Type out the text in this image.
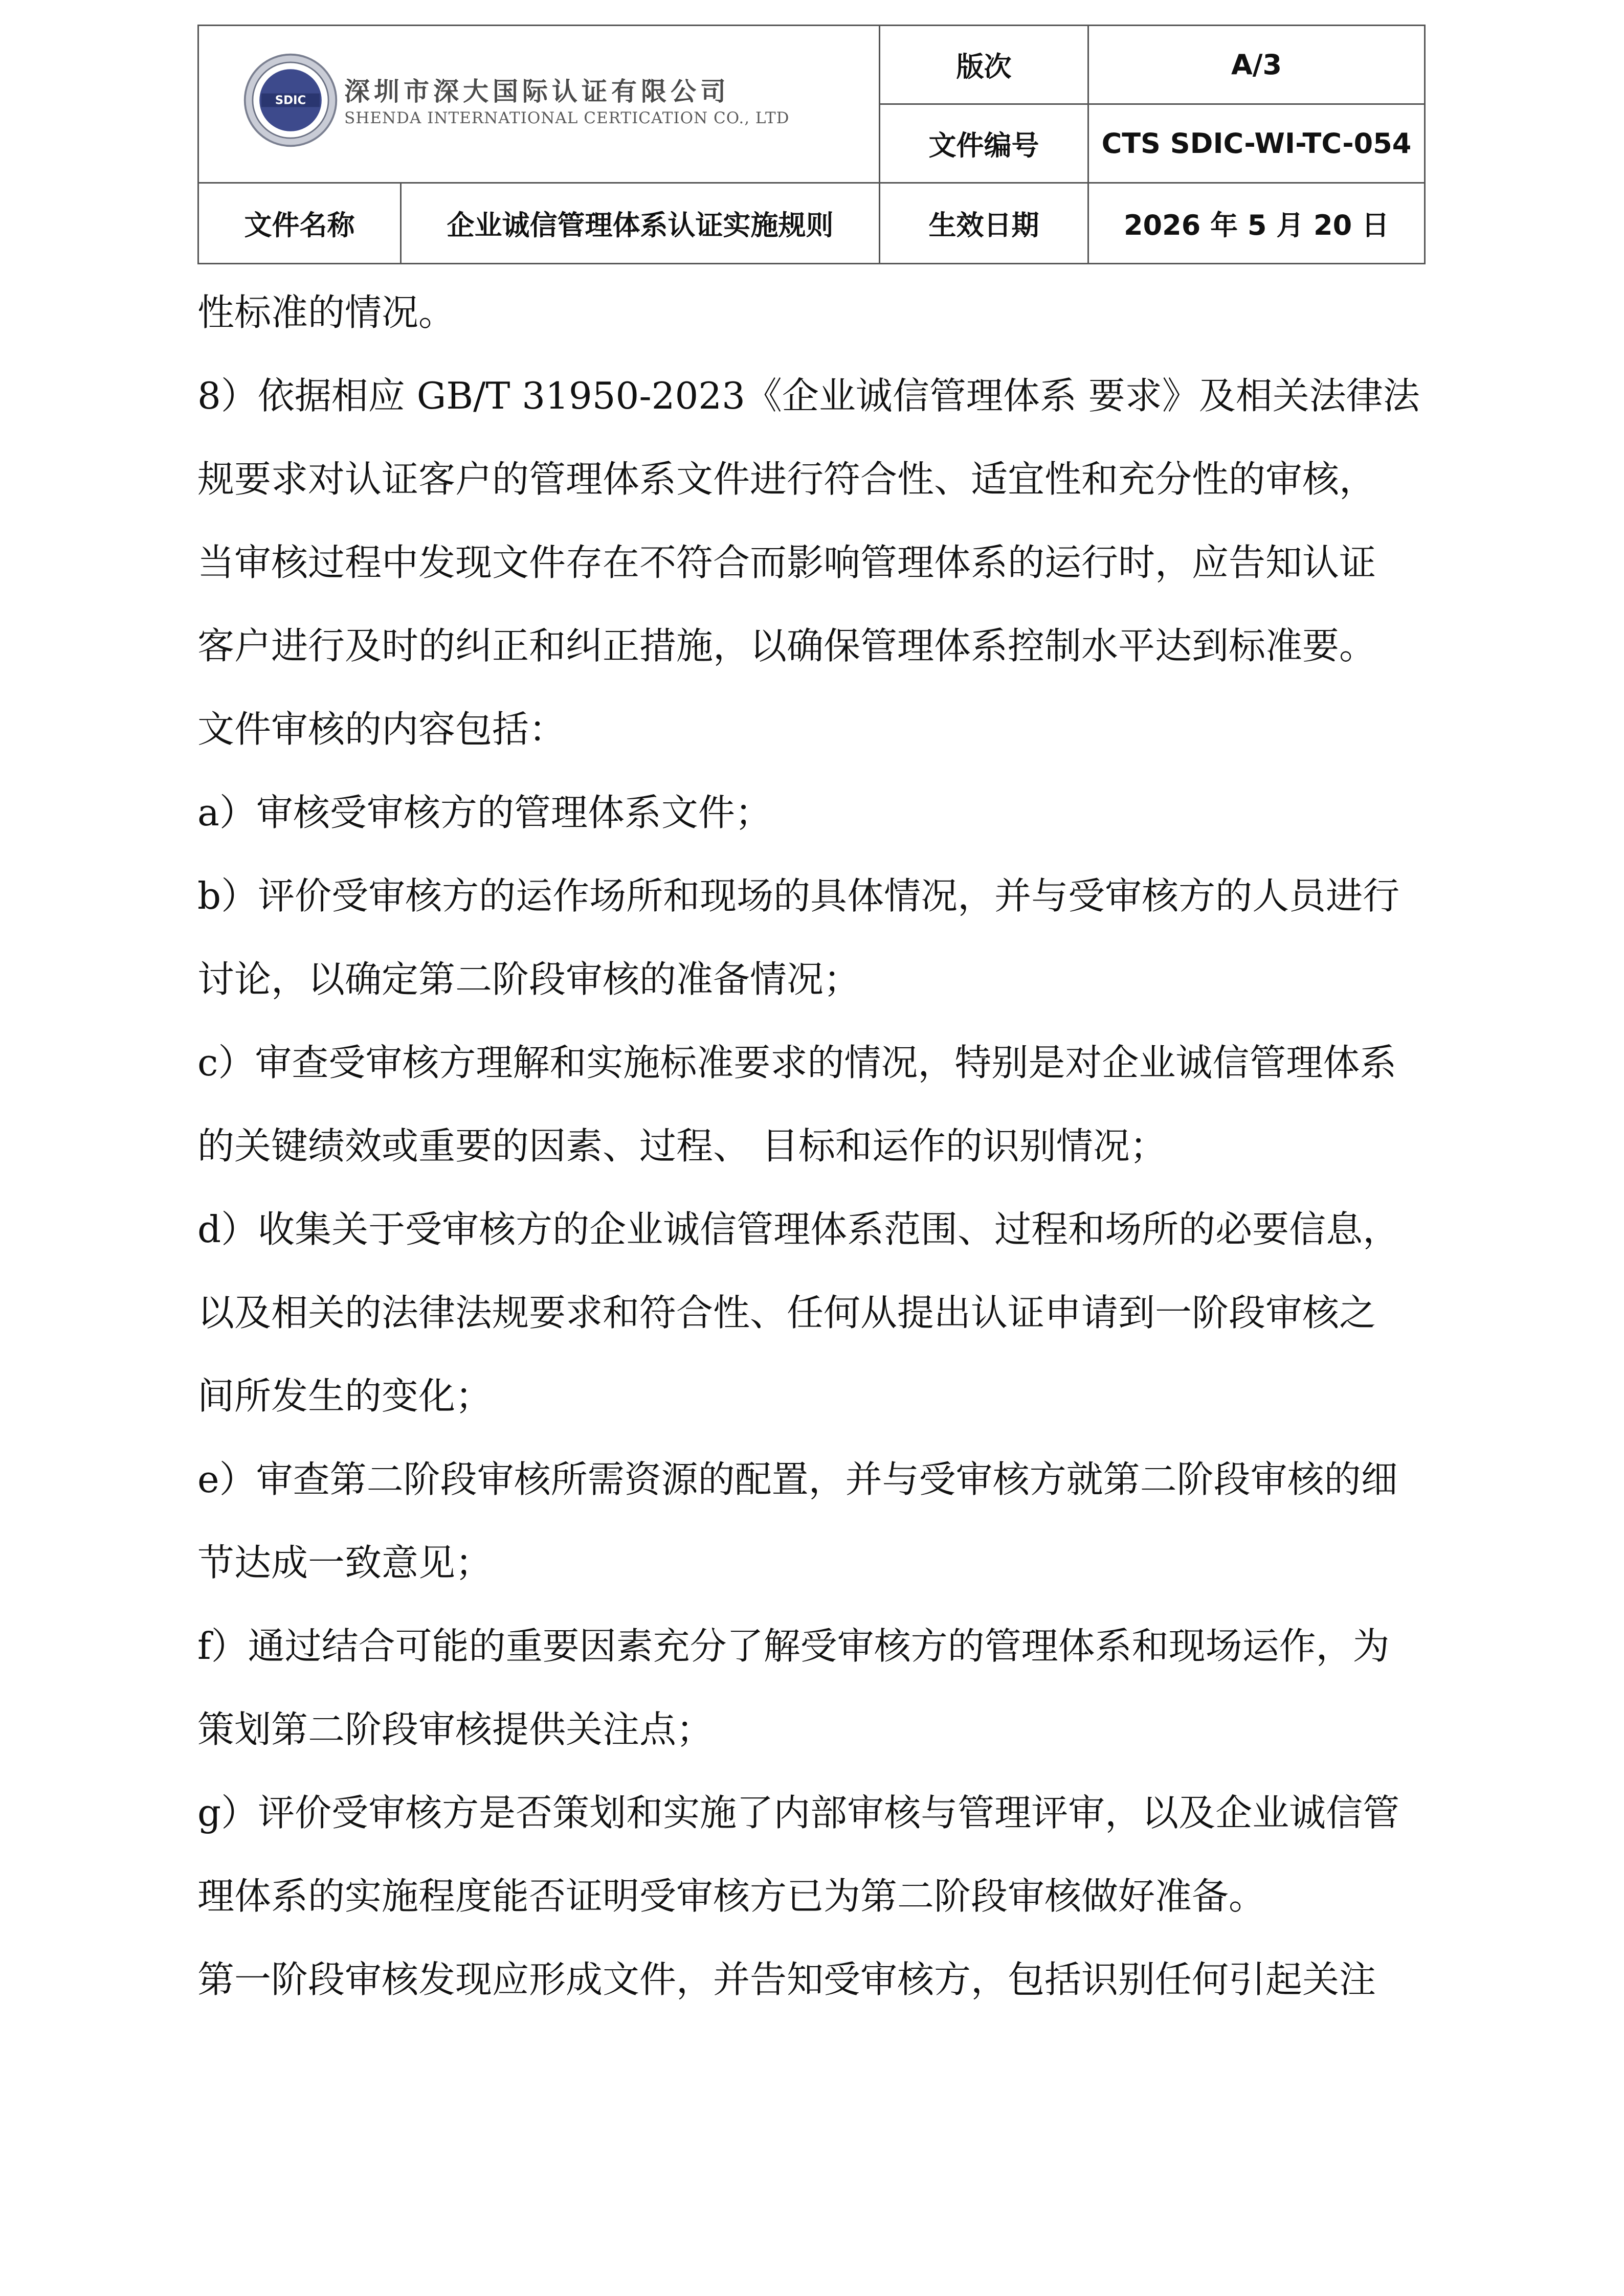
SDIC 深圳市深大国际认证有限公司
SHENDA INTERNATIONAL CERTICATION CO., LTD		版次	A/3
		文件编号	CTS SDIC-WI-TC-054
文件名称	企业诚信管理体系认证实施规则	生效日期	2026 年 5 月 20 日

性标准的情况。

8）依据相应 GB/T 31950-2023《企业诚信管理体系 要求》及相关法律法

规要求对认证客户的管理体系文件进行符合性、适宜性和充分性的审核，

当审核过程中发现文件存在不符合而影响管理体系的运行时，应告知认证

客户进行及时的纠正和纠正措施，以确保管理体系控制水平达到标准要。

文件审核的内容包括：

a）审核受审核方的管理体系文件；

b）评价受审核方的运作场所和现场的具体情况，并与受审核方的人员进行

讨论，以确定第二阶段审核的准备情况；

c）审查受审核方理解和实施标准要求的情况，特别是对企业诚信管理体系

的关键绩效或重要的因素、过程、 目标和运作的识别情况；

d）收集关于受审核方的企业诚信管理体系范围、过程和场所的必要信息，

以及相关的法律法规要求和符合性、任何从提出认证申请到一阶段审核之

间所发生的变化；

e）审查第二阶段审核所需资源的配置，并与受审核方就第二阶段审核的细

节达成一致意见；

f）通过结合可能的重要因素充分了解受审核方的管理体系和现场运作，为

策划第二阶段审核提供关注点；

g）评价受审核方是否策划和实施了内部审核与管理评审，以及企业诚信管

理体系的实施程度能否证明受审核方已为第二阶段审核做好准备。

第一阶段审核发现应形成文件，并告知受审核方，包括识别任何引起关注
